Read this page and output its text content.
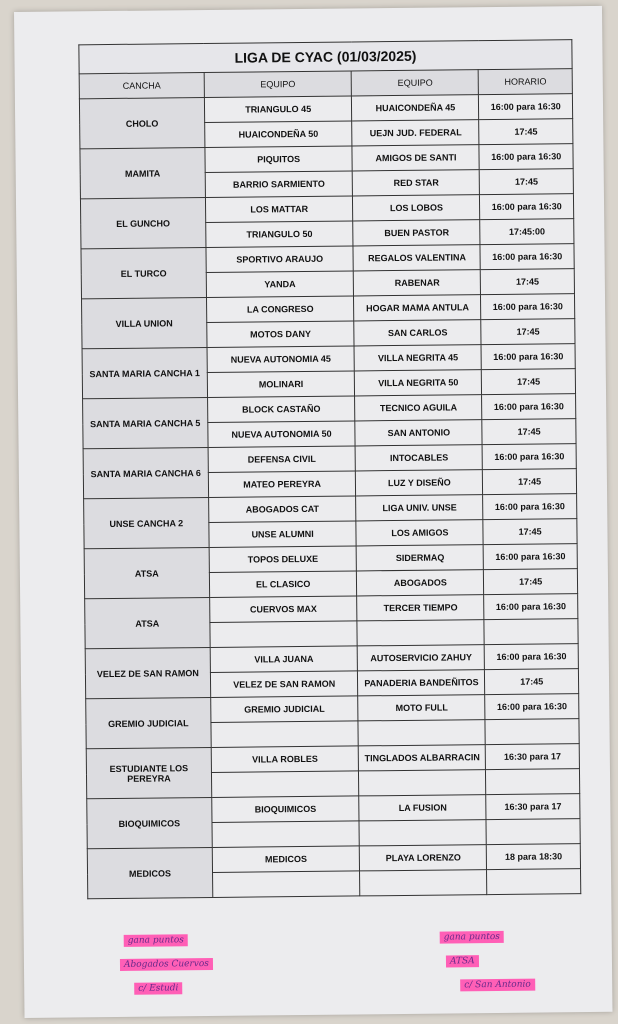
LIGA DE CYAC (01/03/2025)			
CANCHA	EQUIPO	EQUIPO	HORARIO
CHOLO	TRIANGULO 45	HUAICONDEÑA 45	16:00 para 16:30
	HUAICONDEÑA 50	UEJN JUD. FEDERAL	17:45
MAMITA	PIQUITOS	AMIGOS DE SANTI	16:00 para 16:30
	BARRIO SARMIENTO	RED STAR	17:45
EL GUNCHO	LOS MATTAR	LOS LOBOS	16:00 para 16:30
	TRIANGULO 50	BUEN PASTOR	17:45:00
EL TURCO	SPORTIVO ARAUJO	REGALOS VALENTINA	16:00 para 16:30
	YANDA	RABENAR	17:45
VILLA UNION	LA CONGRESO	HOGAR MAMA ANTULA	16:00 para 16:30
	MOTOS DANY	SAN CARLOS	17:45
SANTA MARIA CANCHA 1	NUEVA AUTONOMIA 45	VILLA NEGRITA 45	16:00 para 16:30
	MOLINARI	VILLA NEGRITA 50	17:45
SANTA MARIA CANCHA 5	BLOCK CASTAÑO	TECNICO AGUILA	16:00 para 16:30
	NUEVA AUTONOMIA 50	SAN ANTONIO	17:45
SANTA MARIA CANCHA 6	DEFENSA CIVIL	INTOCABLES	16:00 para 16:30
	MATEO PEREYRA	LUZ Y DISEÑO	17:45
UNSE CANCHA 2	ABOGADOS CAT	LIGA UNIV. UNSE	16:00 para 16:30
	UNSE ALUMNI	LOS AMIGOS	17:45
ATSA	TOPOS DELUXE	SIDERMAQ	16:00 para 16:30
	EL CLASICO	ABOGADOS	17:45
ATSA	CUERVOS MAX	TERCER TIEMPO	16:00 para 16:30

VELEZ DE SAN RAMON	VILLA JUANA	AUTOSERVICIO ZAHUY	16:00 para 16:30
	VELEZ DE SAN RAMON	PANADERIA BANDEÑITOS	17:45
GREMIO JUDICIAL	GREMIO JUDICIAL	MOTO FULL	16:00 para 16:30

ESTUDIANTE LOS PEREYRA	VILLA ROBLES	TINGLADOS ALBARRACIN	16:30 para 17

BIOQUIMICOS	BIOQUIMICOS	LA FUSION	16:30 para 17

MEDICOS	MEDICOS	PLAYA LORENZO	18 para 18:30

gana puntos
Abogados Cuervos
c/ Estudi
gana puntos
ATSA
c/ San Antonio
